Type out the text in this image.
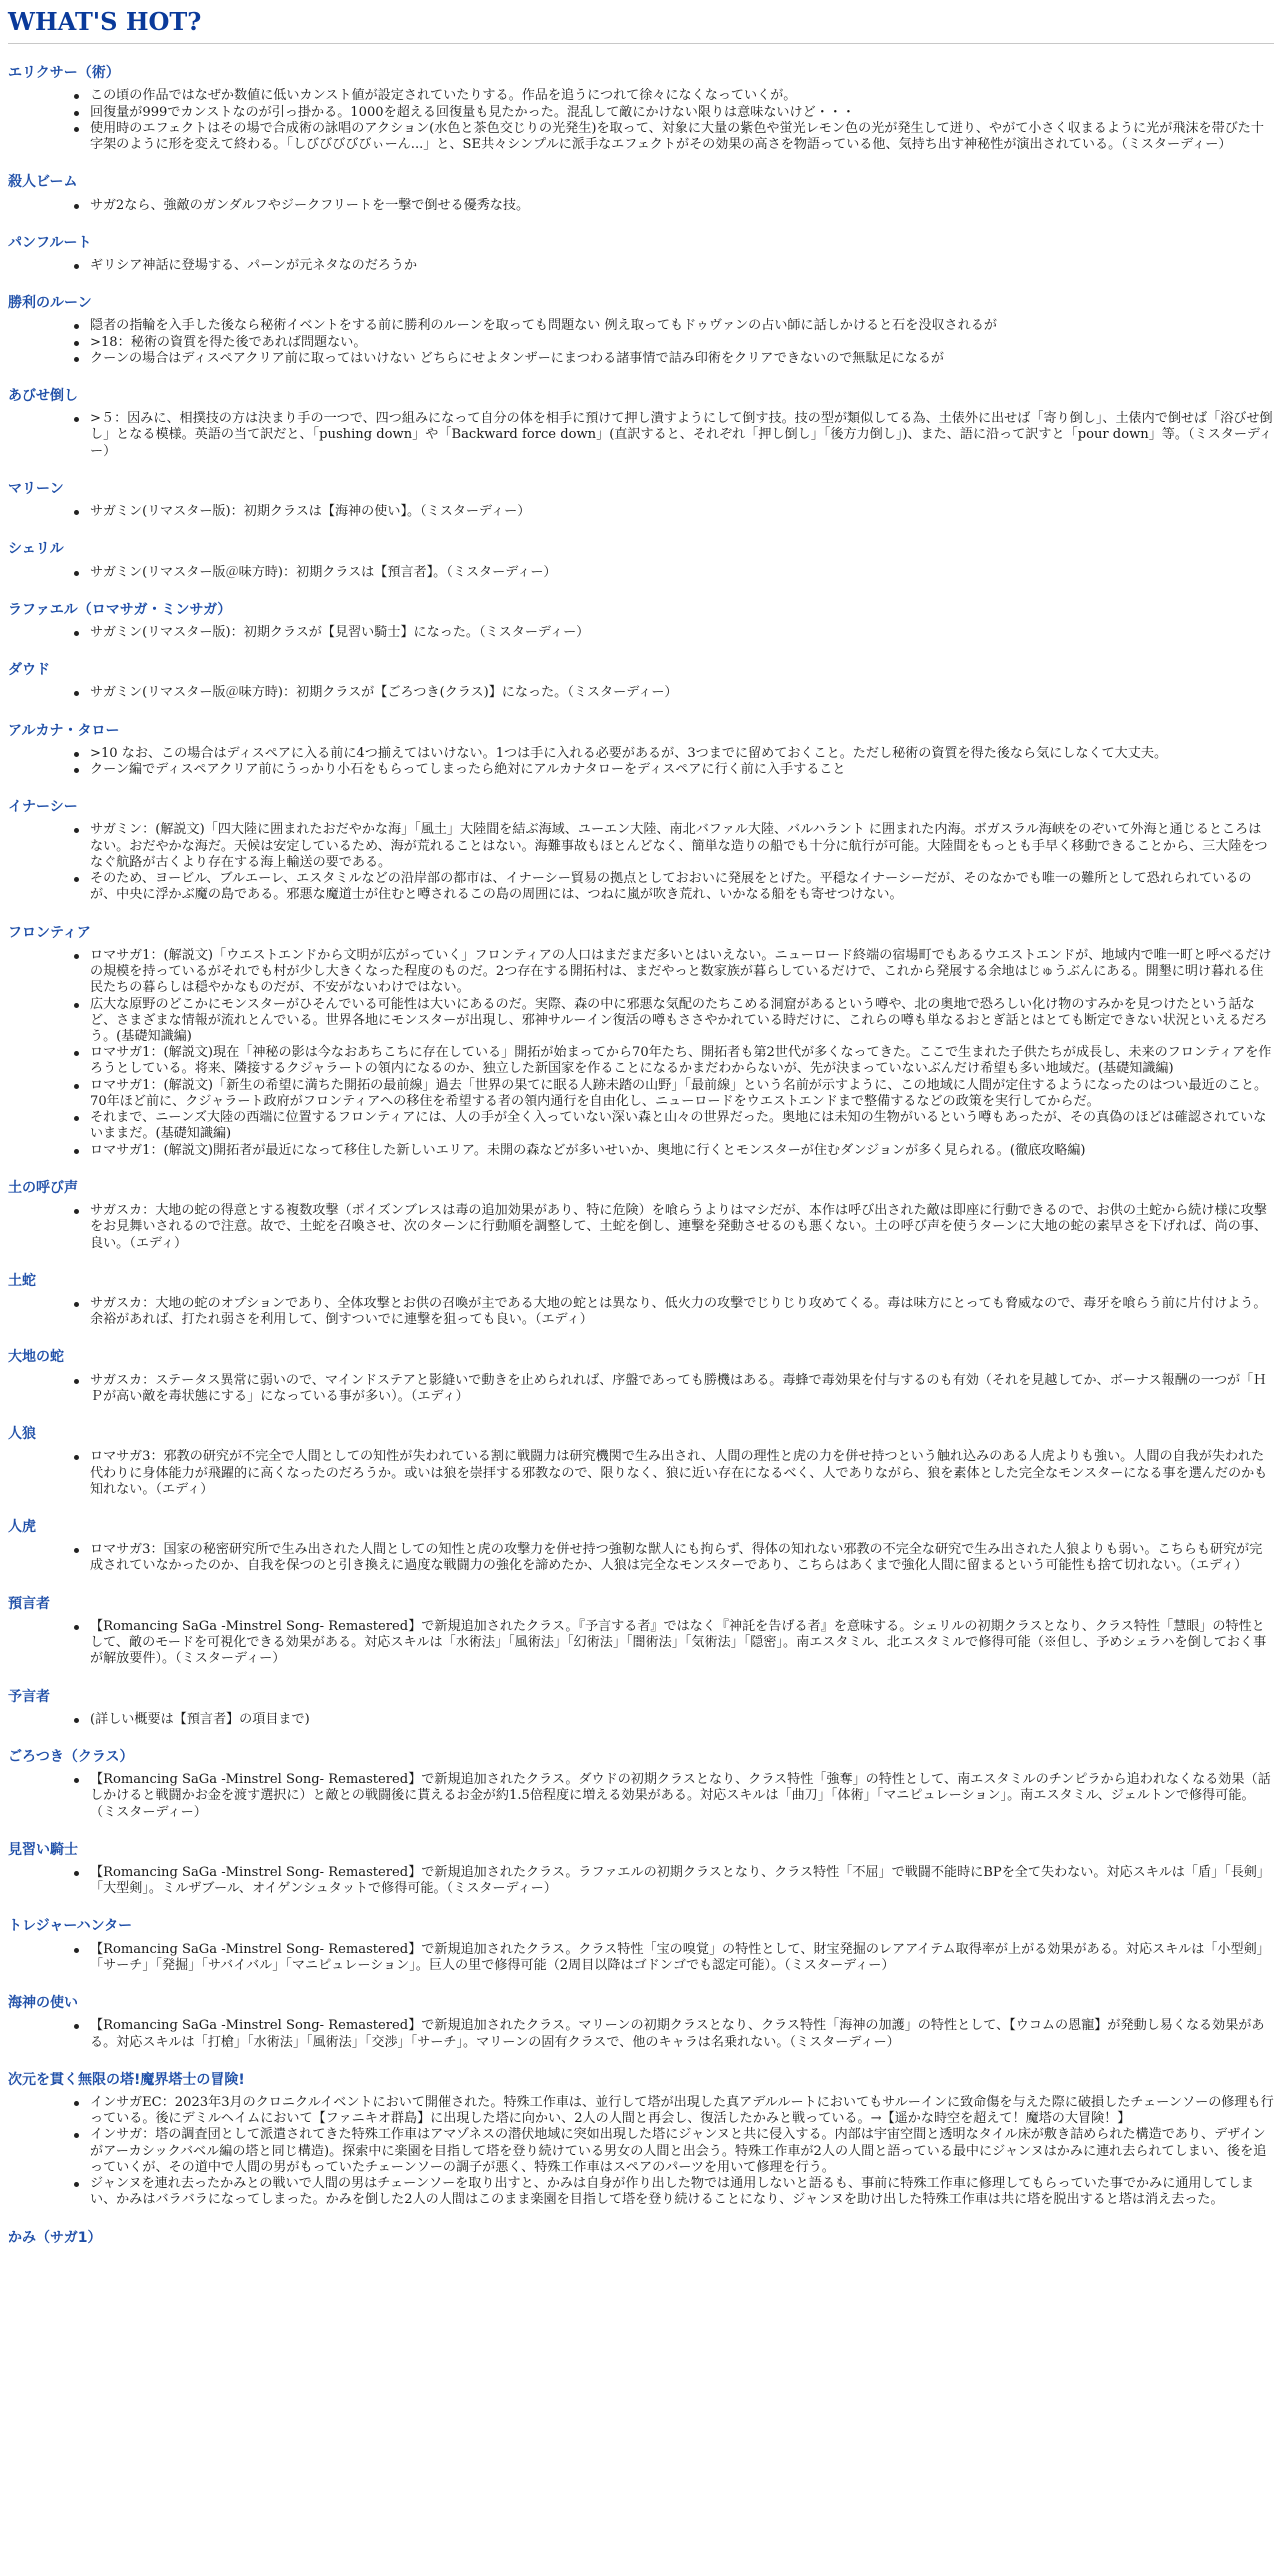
WHAT'S HOT?
エリクサー（術）
この頃の作品ではなぜか数値に低いカンスト値が設定されていたりする。作品を追うにつれて徐々になくなっていくが。
回復量が999でカンストなのが引っ掛かる。1000を超える回復量も見たかった。混乱して敵にかけない限りは意味ないけど・・・
使用時のエフェクトはその場で合成術の詠唱のアクション(水色と茶色交じりの光発生)を取って、対象に大量の紫色や蛍光レモン色の光が発生して迸り、やがて小さく収まるように光が飛沫を帯びた十字架のように形を変えて終わる。「しびびびびびぃーん...」と、SE共々シンプルに派手なエフェクトがその効果の高さを物語っている他、気持ち出す神秘性が演出されている。（ミスターディー）
殺人ビーム
サガ2なら、強敵のガンダルフやジークフリートを一撃で倒せる優秀な技。
パンフルート
ギリシア神話に登場する、パーンが元ネタなのだろうか
勝利のルーン
隠者の指輪を入手した後なら秘術イベントをする前に勝利のルーンを取っても問題ない 例え取ってもドゥヴァンの占い師に話しかけると石を没収されるが
>18：秘術の資質を得た後であれば問題ない。
クーンの場合はディスペアクリア前に取ってはいけない どちらにせよタンザーにまつわる諸事情で詰み印術をクリアできないので無駄足になるが
あびせ倒し
>５：因みに、相撲技の方は決まり手の一つで、四つ組みになって自分の体を相手に預けて押し潰すようにして倒す技。技の型が類似してる為、土俵外に出せば「寄り倒し」、土俵内で倒せば「浴びせ倒し」となる模様。英語の当て訳だと、「pushing down」や「Backward force down」(直訳すると、それぞれ「押し倒し」「後方力倒し」)、また、語に沿って訳すと「pour down」等。（ミスターディー）
マリーン
サガミン(リマスター版)：初期クラスは【海神の使い】。（ミスターディー）
シェリル
サガミン(リマスター版＠味方時)：初期クラスは【預言者】。（ミスターディー）
ラファエル（ロマサガ・ミンサガ）
サガミン(リマスター版)：初期クラスが【見習い騎士】になった。（ミスターディー）
ダウド
サガミン(リマスター版＠味方時)：初期クラスが【ごろつき(クラス)】になった。（ミスターディー）
アルカナ・タロー
>10 なお、この場合はディスペアに入る前に4つ揃えてはいけない。1つは手に入れる必要があるが、3つまでに留めておくこと。ただし秘術の資質を得た後なら気にしなくて大丈夫。
クーン編でディスペアクリア前にうっかり小石をもらってしまったら絶対にアルカナタローをディスペアに行く前に入手すること
イナーシー
サガミン：(解説文)「四大陸に囲まれたおだやかな海」「風土」大陸間を結ぶ海域、ユーエン大陸、南北バファル大陸、バルハラント に囲まれた内海。ボガスラル海峡をのぞいて外海と通じるところはない。おだやかな海だ。天候は安定しているため、海が荒れることはない。海難事故もほとんどなく、簡単な造りの船でも十分に航行が可能。大陸間をもっとも手早く移動できることから、三大陸をつなぐ航路が古くより存在する海上輸送の要である。
そのため、ヨービル、ブルエーレ、エスタミルなどの沿岸部の都市は、イナーシー貿易の拠点としておおいに発展をとげた。平穏なイナーシーだが、そのなかでも唯一の難所として恐れられているのが、中央に浮かぶ魔の島である。邪悪な魔道士が住むと噂されるこの島の周囲には、つねに嵐が吹き荒れ、いかなる船をも寄せつけない。
フロンティア
ロマサガ1：(解説文)「ウエストエンドから文明が広がっていく」フロンティアの人口はまだまだ多いとはいえない。ニューロード終端の宿場町でもあるウエストエンドが、地域内で唯一町と呼べるだけの規模を持っているがそれでも村が少し大きくなった程度のものだ。2つ存在する開拓村は、まだやっと数家族が暮らしているだけで、これから発展する余地はじゅうぶんにある。開墾に明け暮れる住民たちの暮らしは穏やかなものだが、不安がないわけではない。
広大な原野のどこかにモンスターがひそんでいる可能性は大いにあるのだ。実際、森の中に邪悪な気配のたちこめる洞窟があるという噂や、北の奥地で恐ろしい化け物のすみかを見つけたという話など、さまざまな情報が流れとんでいる。世界各地にモンスターが出現し、邪神サルーイン復活の噂もささやかれている時だけに、これらの噂も単なるおとぎ話とはとても断定できない状況といえるだろう。(基礎知識編)
ロマサガ1：(解説文)現在「神秘の影は今なおあちこちに存在している」開拓が始まってから70年たち、開拓者も第2世代が多くなってきた。ここで生まれた子供たちが成長し、未来のフロンティアを作ろうとしている。将来、隣接するクジャラートの領内になるのか、独立した新国家を作ることになるかまだわからないが、先が決まっていないぶんだけ希望も多い地域だ。(基礎知識編)
ロマサガ1：(解説文)「新生の希望に満ちた開拓の最前線」過去「世界の果てに眠る人跡未踏の山野」「最前線」という名前が示すように、この地域に人間が定住するようになったのはつい最近のこと。70年ほど前に、クジャラート政府がフロンティアへの移住を希望する者の領内通行を自由化し、ニューロードをウエストエンドまで整備するなどの政策を実行してからだ。
それまで、ニーンズ大陸の西端に位置するフロンティアには、人の手が全く入っていない深い森と山々の世界だった。奥地には未知の生物がいるという噂もあったが、その真偽のほどは確認されていないままだ。(基礎知識編)
ロマサガ1：(解説文)開拓者が最近になって移住した新しいエリア。未開の森などが多いせいか、奥地に行くとモンスターが住むダンジョンが多く見られる。(徹底攻略編)
土の呼び声
サガスカ：大地の蛇の得意とする複数攻撃（ポイズンブレスは毒の追加効果があり、特に危険）を喰らうよりはマシだが、本作は呼び出された敵は即座に行動できるので、お供の土蛇から続け様に攻撃をお見舞いされるので注意。故で、土蛇を召喚させ、次のターンに行動順を調整して、土蛇を倒し、連撃を発動させるのも悪くない。土の呼び声を使うターンに大地の蛇の素早さを下げれば、尚の事、良い。（エディ）
土蛇
サガスカ：大地の蛇のオプションであり、全体攻撃とお供の召喚が主である大地の蛇とは異なり、低火力の攻撃でじりじり攻めてくる。毒は味方にとっても脅威なので、毒牙を喰らう前に片付けよう。余裕があれば、打たれ弱さを利用して、倒すついでに連撃を狙っても良い。（エディ）
大地の蛇
サガスカ：ステータス異常に弱いので、マインドステアと影縫いで動きを止められれば、序盤であっても勝機はある。毒蜂で毒効果を付与するのも有効（それを見越してか、ボーナス報酬の一つが「ＨＰが高い敵を毒状態にする」になっている事が多い）。（エディ）
人狼
ロマサガ3：邪教の研究が不完全で人間としての知性が失われている割に戦闘力は研究機関で生み出され、人間の理性と虎の力を併せ持つという触れ込みのある人虎よりも強い。人間の自我が失われた代わりに身体能力が飛躍的に高くなったのだろうか。或いは狼を崇拝する邪教なので、限りなく、狼に近い存在になるべく、人でありながら、狼を素体とした完全なモンスターになる事を選んだのかも知れない。（エディ）
人虎
ロマサガ3：国家の秘密研究所で生み出された人間としての知性と虎の攻撃力を併せ持つ強靭な獣人にも拘らず、得体の知れない邪教の不完全な研究で生み出された人狼よりも弱い。こちらも研究が完成されていなかったのか、自我を保つのと引き換えに過度な戦闘力の強化を諦めたか、人狼は完全なモンスターであり、こちらはあくまで強化人間に留まるという可能性も捨て切れない。（エディ）
預言者
【Romancing SaGa -Minstrel Song- Remastered】で新規追加されたクラス。『予言する者』ではなく『神託を告げる者』を意味する。シェリルの初期クラスとなり、クラス特性「慧眼」の特性として、敵のモードを可視化できる効果がある。対応スキルは「水術法」「風術法」「幻術法」「闇術法」「気術法」「隠密」。南エスタミル、北エスタミルで修得可能（※但し、予めシェラハを倒しておく事が解放要件）。（ミスターディー）
予言者
(詳しい概要は【預言者】の項目まで)
ごろつき（クラス）
【Romancing SaGa -Minstrel Song- Remastered】で新規追加されたクラス。ダウドの初期クラスとなり、クラス特性「強奪」の特性として、南エスタミルのチンピラから追われなくなる効果（話しかけると戦闘かお金を渡す選択に）と敵との戦闘後に貰えるお金が約1.5倍程度に増える効果がある。対応スキルは「曲刀」「体術」「マニピュレーション」。南エスタミル、ジェルトンで修得可能。（ミスターディー）
見習い騎士
【Romancing SaGa -Minstrel Song- Remastered】で新規追加されたクラス。ラファエルの初期クラスとなり、クラス特性「不屈」で戦闘不能時にBPを全て失わない。対応スキルは「盾」「長剣」「大型剣」。ミルザブール、オイゲンシュタットで修得可能。（ミスターディー）
トレジャーハンター
【Romancing SaGa -Minstrel Song- Remastered】で新規追加されたクラス。クラス特性「宝の嗅覚」の特性として、財宝発掘のレアアイテム取得率が上がる効果がある。対応スキルは「小型剣」「サーチ」「発掘」「サバイバル」「マニピュレーション」。巨人の里で修得可能（2周目以降はゴドンゴでも認定可能）。（ミスターディー）
海神の使い
【Romancing SaGa -Minstrel Song- Remastered】で新規追加されたクラス。マリーンの初期クラスとなり、クラス特性「海神の加護」の特性として、【ウコムの恩寵】が発動し易くなる効果がある。対応スキルは「打槍」「水術法」「風術法」「交渉」「サーチ」。マリーンの固有クラスで、他のキャラは名乗れない。（ミスターディー）
次元を貫く無限の塔!魔界塔士の冒険!
インサガEC：2023年3月のクロニクルイベントにおいて開催された。特殊工作車は、並行して塔が出現した真アデルルートにおいてもサルーインに致命傷を与えた際に破損したチェーンソーの修理も行っている。後にデミルヘイムにおいて【ファニキオ群島】に出現した塔に向かい、2人の人間と再会し、復活したかみと戦っている。→【遥かな時空を超えて！魔塔の大冒険！】
インサガ：塔の調査団として派遣されてきた特殊工作車はアマゾネスの潜伏地域に突如出現した塔にジャンヌと共に侵入する。内部は宇宙空間と透明なタイル床が敷き詰められた構造であり、デザインがアーカシックバベル編の塔と同じ構造)。探索中に楽園を目指して塔を登り続けている男女の人間と出会う。特殊工作車が2人の人間と語っている最中にジャンヌはかみに連れ去られてしまい、後を追っていくが、その道中で人間の男がもっていたチェーンソーの調子が悪く、特殊工作車はスペアのパーツを用いて修理を行う。
ジャンヌを連れ去ったかみとの戦いで人間の男はチェーンソーを取り出すと、かみは自身が作り出した物では通用しないと語るも、事前に特殊工作車に修理してもらっていた事でかみに通用してしまい、かみはバラバラになってしまった。かみを倒した2人の人間はこのまま楽園を目指して塔を登り続けることになり、ジャンヌを助け出した特殊工作車は共に塔を脱出すると塔は消え去った。
かみ（サガ1）
